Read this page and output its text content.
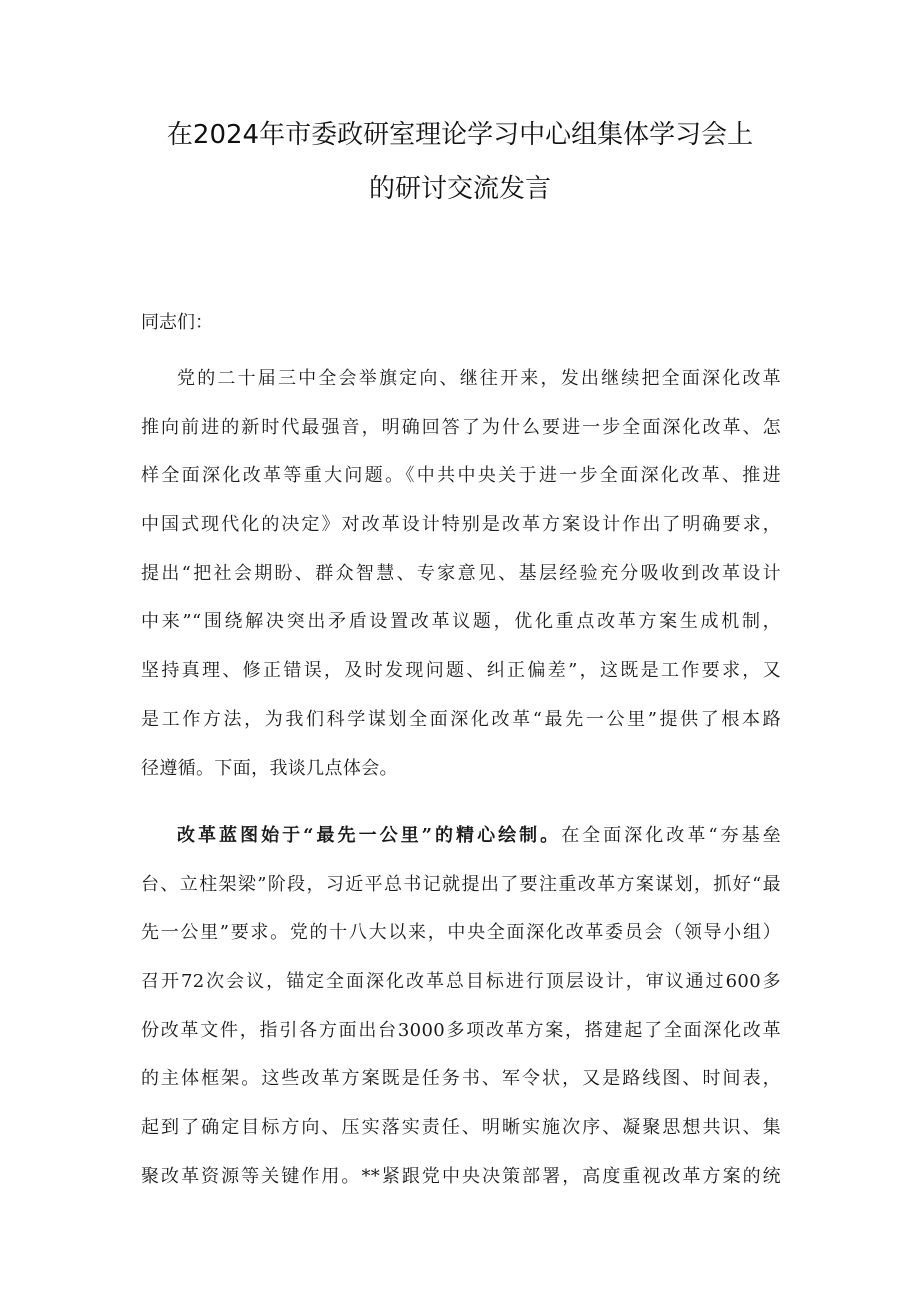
在2024年市委政研室理论学习中心组集体学习会上
的研讨交流发言

同志们：

党的二十届三中全会举旗定向、继往开来，发出继续把全面深化改革
推向前进的新时代最强音，明确回答了为什么要进一步全面深化改革、怎
样全面深化改革等重大问题。《中共中央关于进一步全面深化改革、推进
中国式现代化的决定》对改革设计特别是改革方案设计作出了明确要求，
提出“把社会期盼、群众智慧、专家意见、基层经验充分吸收到改革设计
中来”“围绕解决突出矛盾设置改革议题，优化重点改革方案生成机制，
坚持真理、修正错误，及时发现问题、纠正偏差”，这既是工作要求，又
是工作方法，为我们科学谋划全面深化改革“最先一公里”提供了根本路
径遵循。下面，我谈几点体会。
改革蓝图始于“最先一公里”的精心绘制。在全面深化改革“夯基垒
台、立柱架梁”阶段，习近平总书记就提出了要注重改革方案谋划，抓好“最
先一公里”要求。党的十八大以来，中央全面深化改革委员会（领导小组）
召开72次会议，锚定全面深化改革总目标进行顶层设计，审议通过600多
份改革文件，指引各方面出台3000多项改革方案，搭建起了全面深化改革
的主体框架。这些改革方案既是任务书、军令状，又是路线图、时间表，
起到了确定目标方向、压实落实责任、明晰实施次序、凝聚思想共识、集
聚改革资源等关键作用。**紧跟党中央决策部署，高度重视改革方案的统
